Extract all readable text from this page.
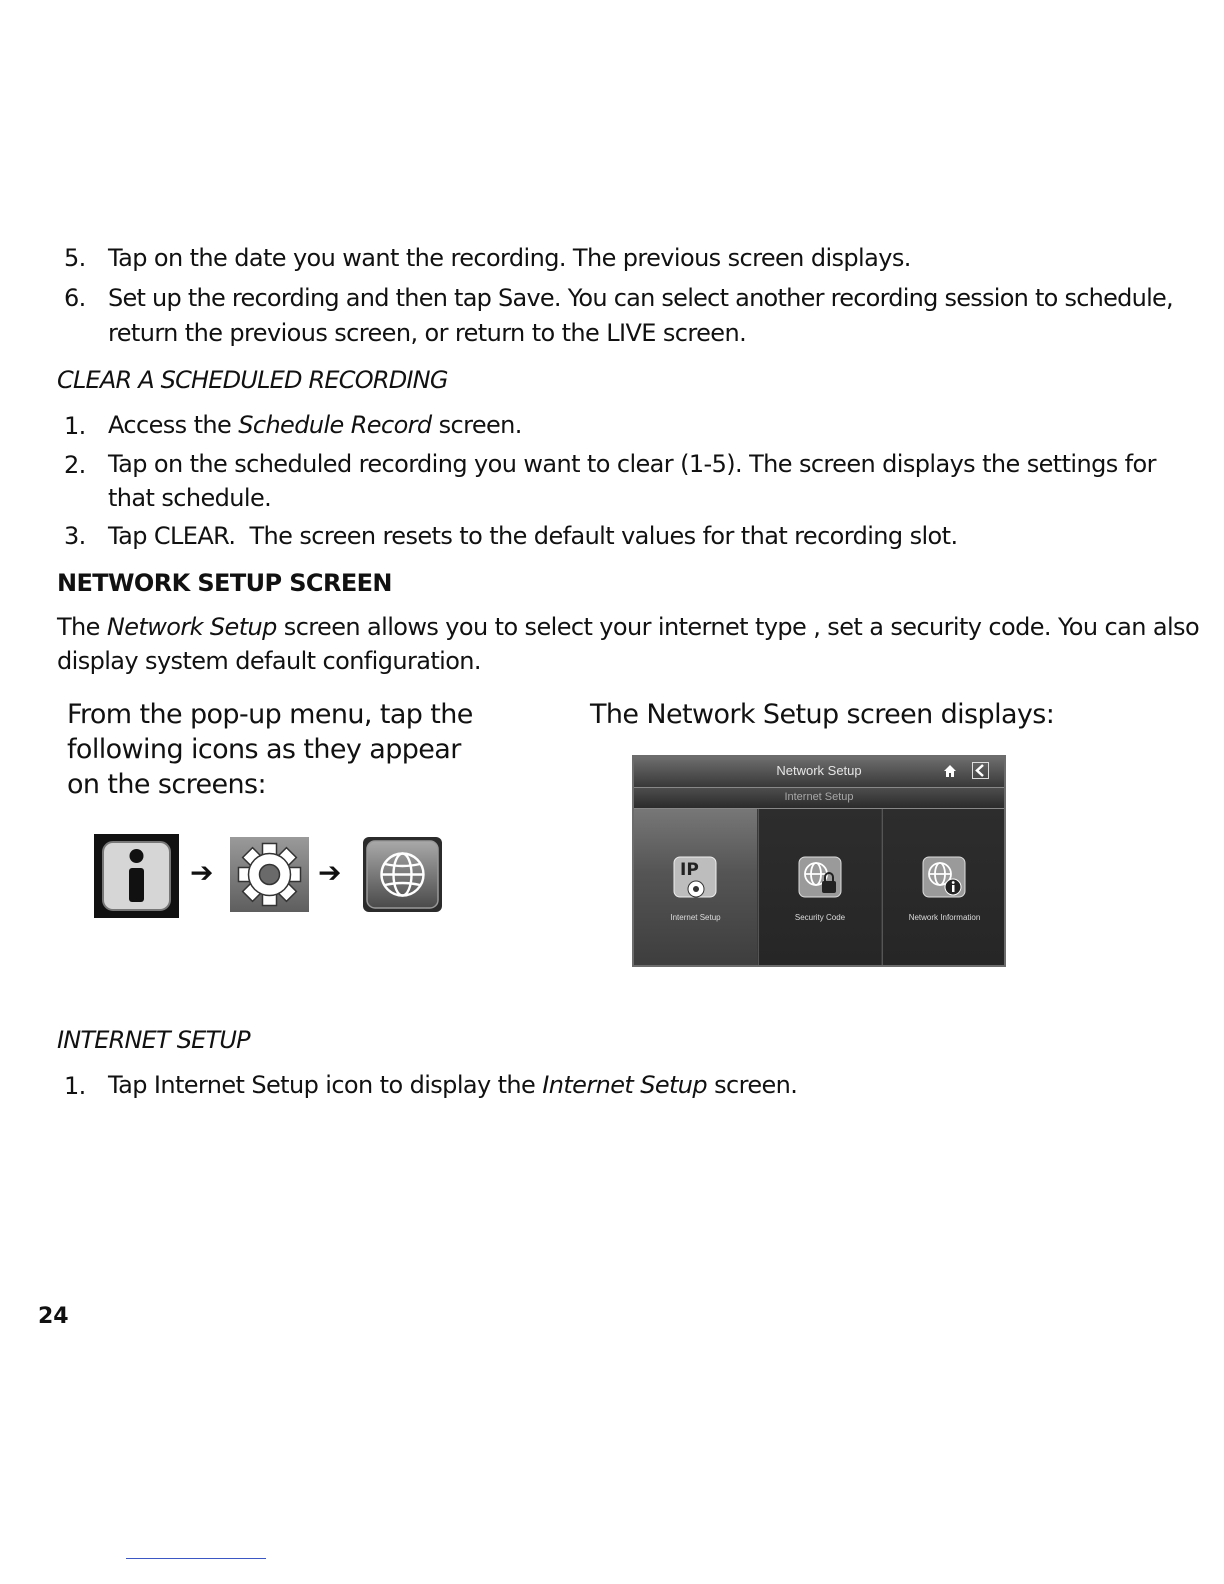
5. Tap on the date you want the recording. The previous screen displays.
6. Set up the recording and then tap Save. You can select another recording session to schedule,
return the previous screen, or return to the LIVE screen.
CLEAR A SCHEDULED RECORDING
1. Access the Schedule Record screen.
2. Tap on the scheduled recording you want to clear (1-5). The screen displays the settings for
that schedule.
3. Tap CLEAR.  The screen resets to the default values for that recording slot.
NETWORK SETUP SCREEN
The Network Setup screen allows you to select your internet type , set a security code. You can also
display system default configuration.
From the pop-up menu, tap the
following icons as they appear
on the screens:
The Network Setup screen displays:
➔	➔
Network Setup
Internet Setup
IP
Internet Setup	Security Code	Network Information
INTERNET SETUP
1. Tap Internet Setup icon to display the Internet Setup screen.
24
